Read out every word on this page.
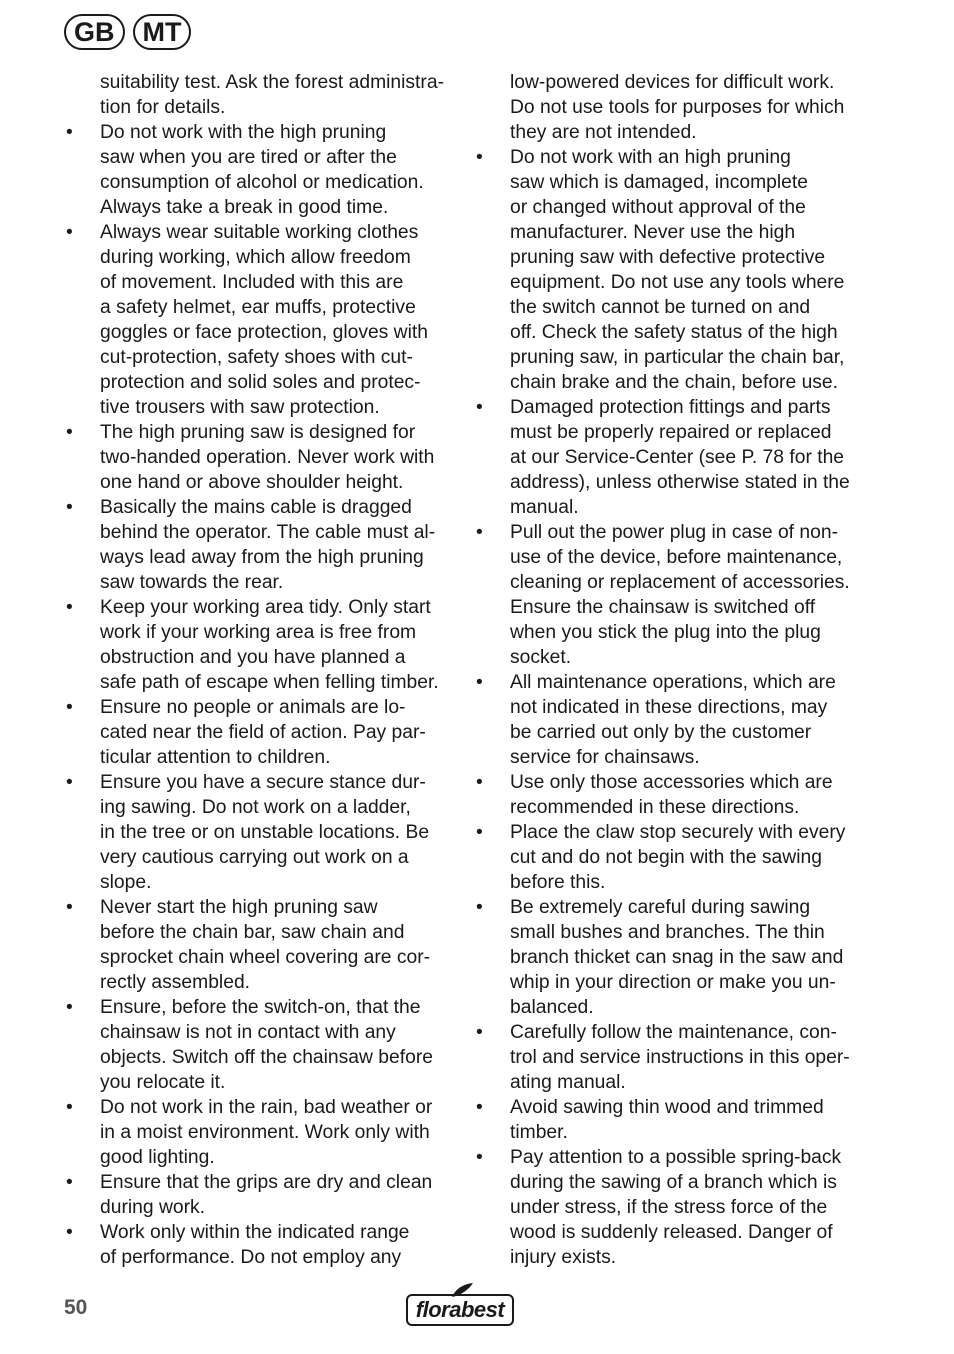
GB	MT
suitability test. Ask the forest administra-
tion for details.
• Do not work with the high pruning
saw when you are tired or after the
consumption of alcohol or medication.
Always take a break in good time.
• Always wear suitable working clothes
during working, which allow freedom
of movement. Included with this are
a safety helmet, ear muffs, protective
goggles or face protection, gloves with
cut-protection, safety shoes with cut-
protection and solid soles and protec-
tive trousers with saw protection.
• The high pruning saw is designed for
two-handed operation. Never work with
one hand or above shoulder height.
• Basically the mains cable is dragged
behind the operator. The cable must al-
ways lead away from the high pruning
saw towards the rear.
• Keep your working area tidy. Only start
work if your working area is free from
obstruction and you have planned a
safe path of escape when felling timber.
• Ensure no people or animals are lo-
cated near the field of action. Pay par-
ticular attention to children.
• Ensure you have a secure stance dur-
ing sawing. Do not work on a ladder,
in the tree or on unstable locations. Be
very cautious carrying out work on a
slope.
• Never start the high pruning saw
before the chain bar, saw chain and
sprocket chain wheel covering are cor-
rectly assembled.
• Ensure, before the switch-on, that the
chainsaw is not in contact with any
objects. Switch off the chainsaw before
you relocate it.
• Do not work in the rain, bad weather or
in a moist environment. Work only with
good lighting.
• Ensure that the grips are dry and clean
during work.
• Work only within the indicated range
of performance. Do not employ any
low-powered devices for difficult work.
Do not use tools for purposes for which
they are not intended.
• Do not work with an high pruning
saw which is damaged, incomplete
or changed without approval of the
manufacturer. Never use the high
pruning saw with defective protective
equipment. Do not use any tools where
the switch cannot be turned on and
off. Check the safety status of the high
pruning saw, in particular the chain bar,
chain brake and the chain, before use.
• Damaged protection fittings and parts
must be properly repaired or replaced
at our Service-Center (see P. 78 for the
address), unless otherwise stated in the
manual.
• Pull out the power plug in case of non-
use of the device, before maintenance,
cleaning or replacement of accessories.
Ensure the chainsaw is switched off
when you stick the plug into the plug
socket.
• All maintenance operations, which are
not indicated in these directions, may
be carried out only by the customer
service for chainsaws.
• Use only those accessories which are
recommended in these directions.
• Place the claw stop securely with every
cut and do not begin with the sawing
before this.
• Be extremely careful during sawing
small bushes and branches. The thin
branch thicket can snag in the saw and
whip in your direction or make you un-
balanced.
• Carefully follow the maintenance, con-
trol and service instructions in this oper-
ating manual.
• Avoid sawing thin wood and trimmed
timber.
• Pay attention to a possible spring-back
during the sawing of a branch which is
under stress, if the stress force of the
wood is suddenly released. Danger of
injury exists.
50	florabest
